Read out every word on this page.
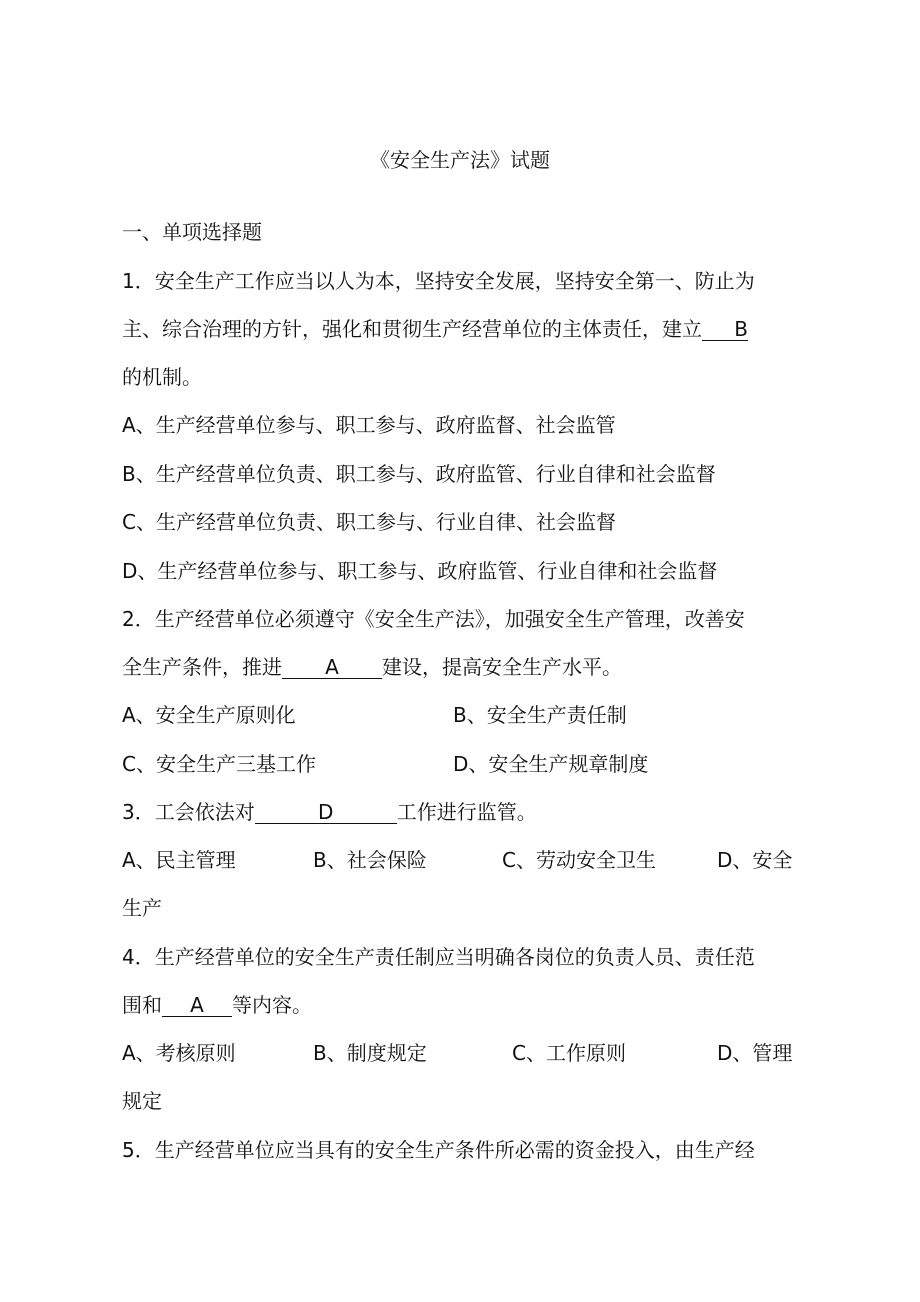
《安全生产法》试题
一、单项选择题
1．安全生产工作应当以人为本，坚持安全发展，坚持安全第一、防止为
主、综合治理的方针，强化和贯彻生产经营单位的主体责任，建立 B
的机制。
A、生产经营单位参与、职工参与、政府监督、社会监管
B、生产经营单位负责、职工参与、政府监管、行业自律和社会监督
C、生产经营单位负责、职工参与、行业自律、社会监督
D、生产经营单位参与、职工参与、政府监管、行业自律和社会监督
2．生产经营单位必须遵守《安全生产法》，加强安全生产管理，改善安
全生产条件，推进 A 建设，提高安全生产水平。
A、安全生产原则化	B、安全生产责任制
C、安全生产三基工作	D、安全生产规章制度
3．工会依法对	D	工作进行监管。
A、民主管理	B、社会保险	C、劳动安全卫生	D、安全
生产
4．生产经营单位的安全生产责任制应当明确各岗位的负责人员、责任范
围和 A 等内容。
A、考核原则	B、制度规定	C、工作原则	D、管理
规定
5．生产经营单位应当具有的安全生产条件所必需的资金投入，由生产经
